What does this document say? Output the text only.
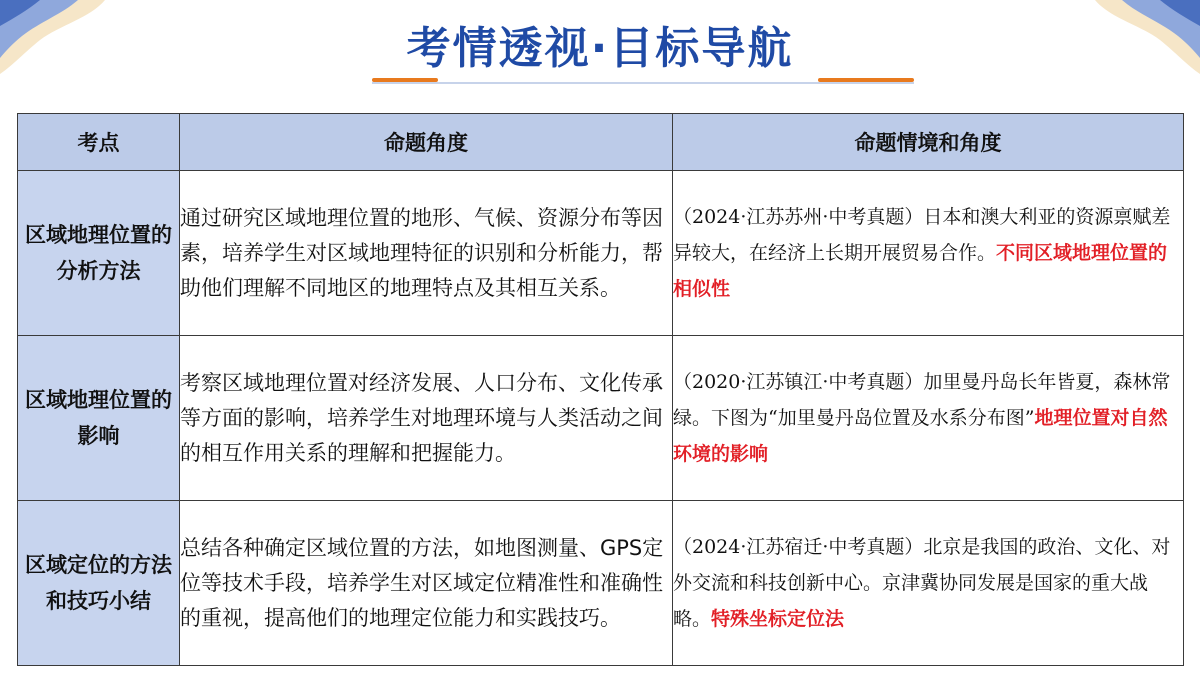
考情透视·目标导航
考点	命题角度	命题情境和角度
区域地理位置的分析方法	通过研究区域地理位置的地形、气候、资源分布等因素，培养学生对区域地理特征的识别和分析能力，帮助他们理解不同地区的地理特点及其相互关系。	（2024·江苏苏州·中考真题）日本和澳大利亚的资源禀赋差异较大，在经济上长期开展贸易合作。不同区域地理位置的相似性
区域地理位置的影响	考察区域地理位置对经济发展、人口分布、文化传承等方面的影响，培养学生对地理环境与人类活动之间的相互作用关系的理解和把握能力。	（2020·江苏镇江·中考真题）加里曼丹岛长年皆夏，森林常绿。下图为“加里曼丹岛位置及水系分布图”地理位置对自然环境的影响
区域定位的方法和技巧小结	总结各种确定区域位置的方法，如地图测量、GPS定位等技术手段，培养学生对区域定位精准性和准确性的重视，提高他们的地理定位能力和实践技巧。	（2024·江苏宿迁·中考真题）北京是我国的政治、文化、对外交流和科技创新中心。京津冀协同发展是国家的重大战略。特殊坐标定位法
